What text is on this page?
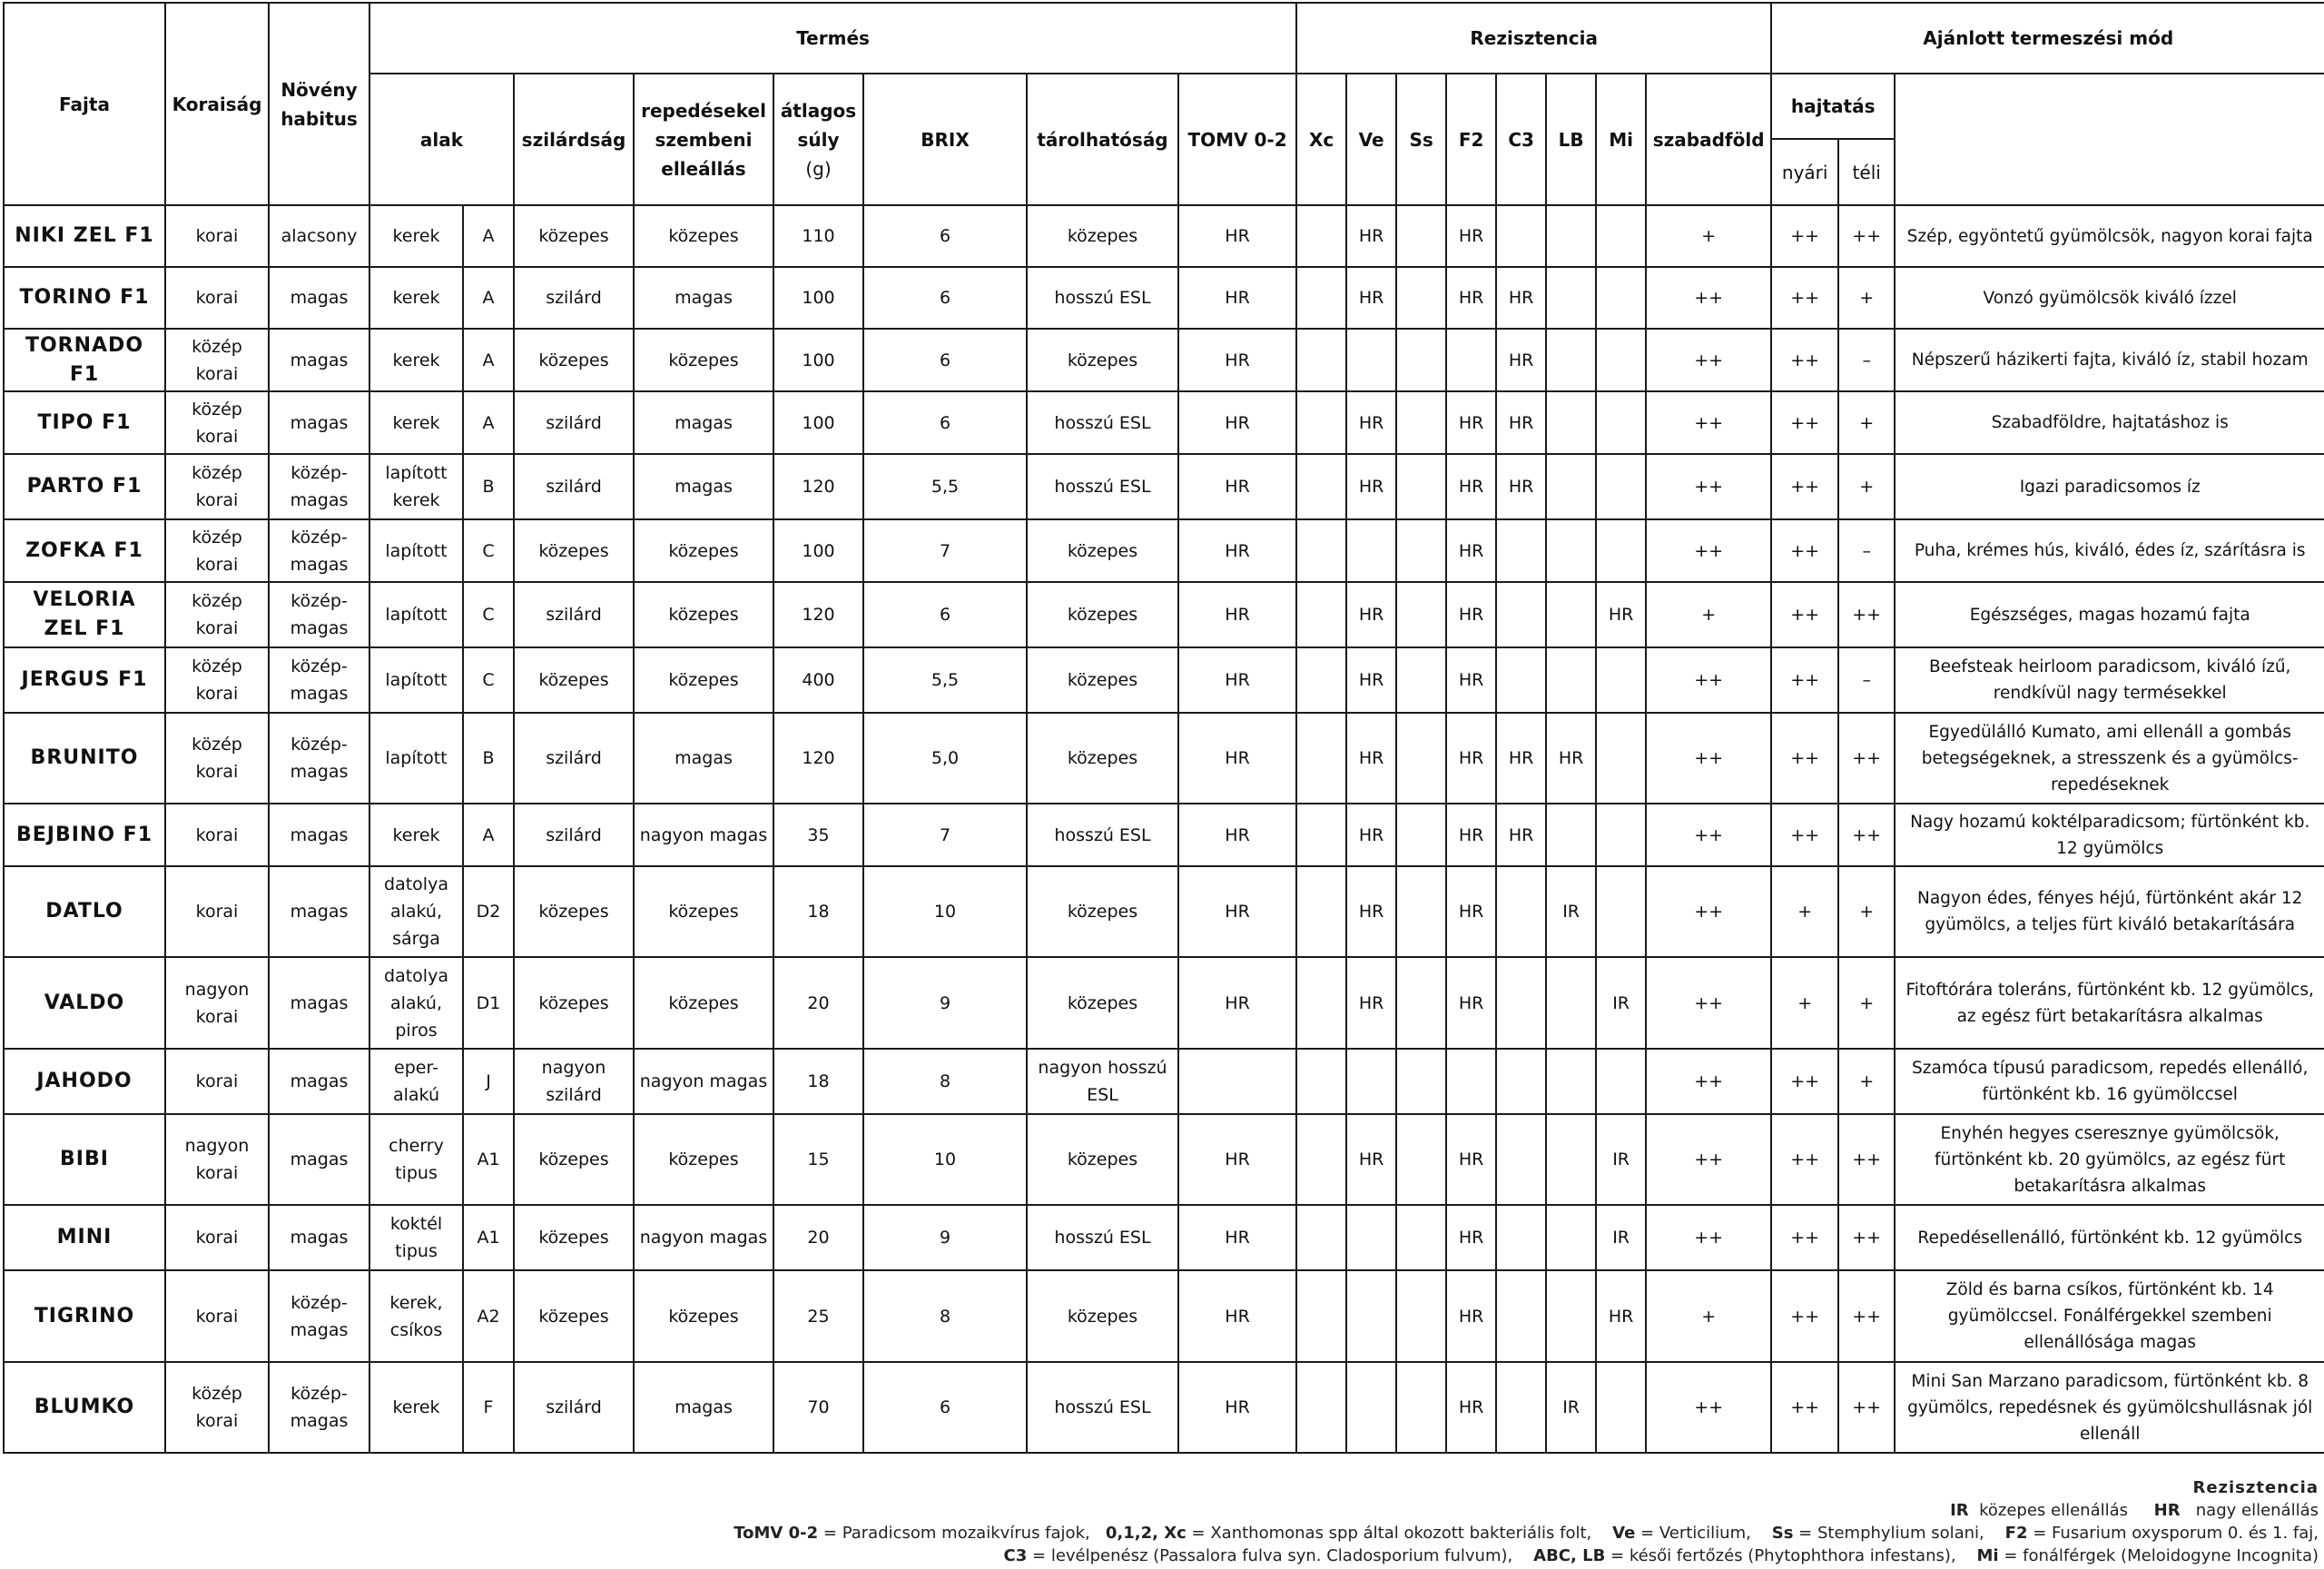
Fajta	Koraiság	Növény habitus	Termés								Rezisztencia								Ajánlott termeszési mód	
			alak		szilárdság	repedésekel szembeni elleállás	átlagos súly
(g)	BRIX	tárolhatóság	TOMV 0-2	Xc	Ve	Ss	F2	C3	LB	Mi	szabadföld	hajtatás			
																			nyári	téli		
NIKI ZEL F1	korai	alacsony	kerek	A	közepes	közepes	110	6	közepes	HR		HR		HR				+	++	++	Szép, egyöntetű gyümölcsök, nagyon korai fajta	
TORINO F1	korai	magas	kerek	A	szilárd	magas	100	6	hosszú ESL	HR		HR		HR	HR			++	++	+	Vonzó gyümölcsök kiváló ízzel	
TORNADO F1	közép korai	magas	kerek	A	közepes	közepes	100	6	közepes	HR					HR			++	++	–	Népszerű házikerti fajta, kiváló íz, stabil hozam	
TIPO F1	közép korai	magas	kerek	A	szilárd	magas	100	6	hosszú ESL	HR		HR		HR	HR			++	++	+	Szabadföldre, hajtatáshoz is	
PARTO F1	közép korai	közép-magas	lapított kerek	B	szilárd	magas	120	5,5	hosszú ESL	HR		HR		HR	HR			++	++	+	Igazi paradicsomos íz	
ZOFKA F1	közép korai	közép-magas	lapított	C	közepes	közepes	100	7	közepes	HR				HR				++	++	–	Puha, krémes hús, kiváló, édes íz, szárításra is	
VELORIA ZEL F1	közép korai	közép-magas	lapított	C	szilárd	közepes	120	6	közepes	HR		HR		HR			HR	+	++	++	Egészséges, magas hozamú fajta	
JERGUS F1	közép korai	közép-magas	lapított	C	közepes	közepes	400	5,5	közepes	HR		HR		HR				++	++	–	Beefsteak heirloom paradicsom, kiváló ízű, rendkívül nagy termésekkel	
BRUNITO	közép korai	közép-magas	lapított	B	szilárd	magas	120	5,0	közepes	HR		HR		HR	HR	HR		++	++	++	Egyedülálló Kumato, ami ellenáll a gombás betegségeknek, a stresszenk és a gyümölcs-repedéseknek	
BEJBINO F1	korai	magas	kerek	A	szilárd	nagyon magas	35	7	hosszú ESL	HR		HR		HR	HR			++	++	++	Nagy hozamú koktélparadicsom; fürtönként kb. 12 gyümölcs	
DATLO	korai	magas	datolya alakú, sárga	D2	közepes	közepes	18	10	közepes	HR		HR		HR		IR		++	+	+	Nagyon édes, fényes héjú, fürtönként akár 12 gyümölcs, a teljes fürt kiváló betakarítására	
VALDO	nagyon korai	magas	datolya alakú, piros	D1	közepes	közepes	20	9	közepes	HR		HR		HR			IR	++	+	+	Fitoftórára toleráns, fürtönként kb. 12 gyümölcs, az egész fürt betakarításra alkalmas	
JAHODO	korai	magas	eper-alakú	J	nagyon szilárd	nagyon magas	18	8	nagyon hosszú ESL									++	++	+	Szamóca típusú paradicsom, repedés ellenálló, fürtönként kb. 16 gyümölccsel	
BIBI	nagyon korai	magas	cherry tipus	A1	közepes	közepes	15	10	közepes	HR		HR		HR			IR	++	++	++	Enyhén hegyes cseresznye gyümölcsök, fürtönként kb. 20 gyümölcs, az egész fürt betakarításra alkalmas	
MINI	korai	magas	koktél tipus	A1	közepes	nagyon magas	20	9	hosszú ESL	HR				HR			IR	++	++	++	Repedésellenálló, fürtönként kb. 12 gyümölcs	
TIGRINO	korai	közép-magas	kerek, csíkos	A2	közepes	közepes	25	8	közepes	HR				HR			HR	+	++	++	Zöld és barna csíkos, fürtönként kb. 14 gyümölccsel. Fonálférgekkel szembeni ellenállósága magas	
BLUMKO	közép korai	közép-magas	kerek	F	szilárd	magas	70	6	hosszú ESL	HR				HR		IR		++	++	++	Mini San Marzano paradicsom, fürtönként kb. 8 gyümölcs, repedésnek és gyümölcshullásnak jól ellenáll	
Rezisztencia
IR közepes ellenállás HR nagy ellenállás
ToMV 0-2 = Paradicsom mozaikvírus fajok, 0,1,2, Xc = Xanthomonas spp által okozott bakteriális folt, Ve = Verticilium, Ss = Stemphylium solani, F2 = Fusarium oxysporum 0. és 1. faj,
C3 = levélpenész (Passalora fulva syn. Cladosporium fulvum), ABC, LB = késői fertőzés (Phytophthora infestans), Mi = fonálférgek (Meloidogyne Incognita)
